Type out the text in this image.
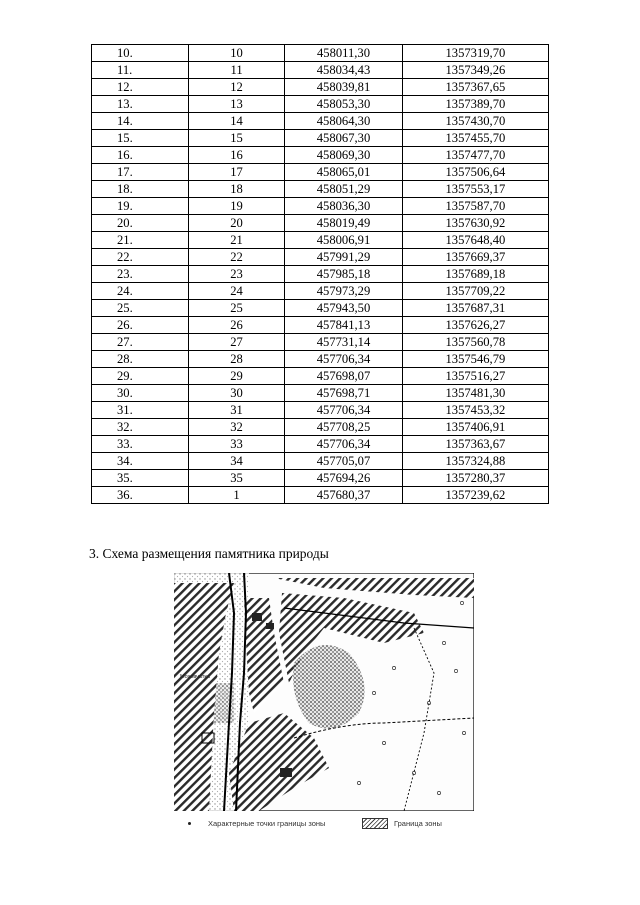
10.	10	458011,30	1357319,70
11.	11	458034,43	1357349,26
12.	12	458039,81	1357367,65
13.	13	458053,30	1357389,70
14.	14	458064,30	1357430,70
15.	15	458067,30	1357455,70
16.	16	458069,30	1357477,70
17.	17	458065,01	1357506,64
18.	18	458051,29	1357553,17
19.	19	458036,30	1357587,70
20.	20	458019,49	1357630,92
21.	21	458006,91	1357648,40
22.	22	457991,29	1357669,37
23.	23	457985,18	1357689,18
24.	24	457973,29	1357709,22
25.	25	457943,50	1357687,31
26.	26	457841,13	1357626,27
27.	27	457731,14	1357560,78
28.	28	457706,34	1357546,79
29.	29	457698,07	1357516,27
30.	30	457698,71	1357481,30
31.	31	457706,34	1357453,32
32.	32	457708,25	1357406,91
33.	33	457706,34	1357363,67
34.	34	457705,07	1357324,88
35.	35	457694,26	1357280,37
36.	1	457680,37	1357239,62
3. Схема размещения памятника природы
Моховчатка
Характерные точки границы зоны	Граница зоны
